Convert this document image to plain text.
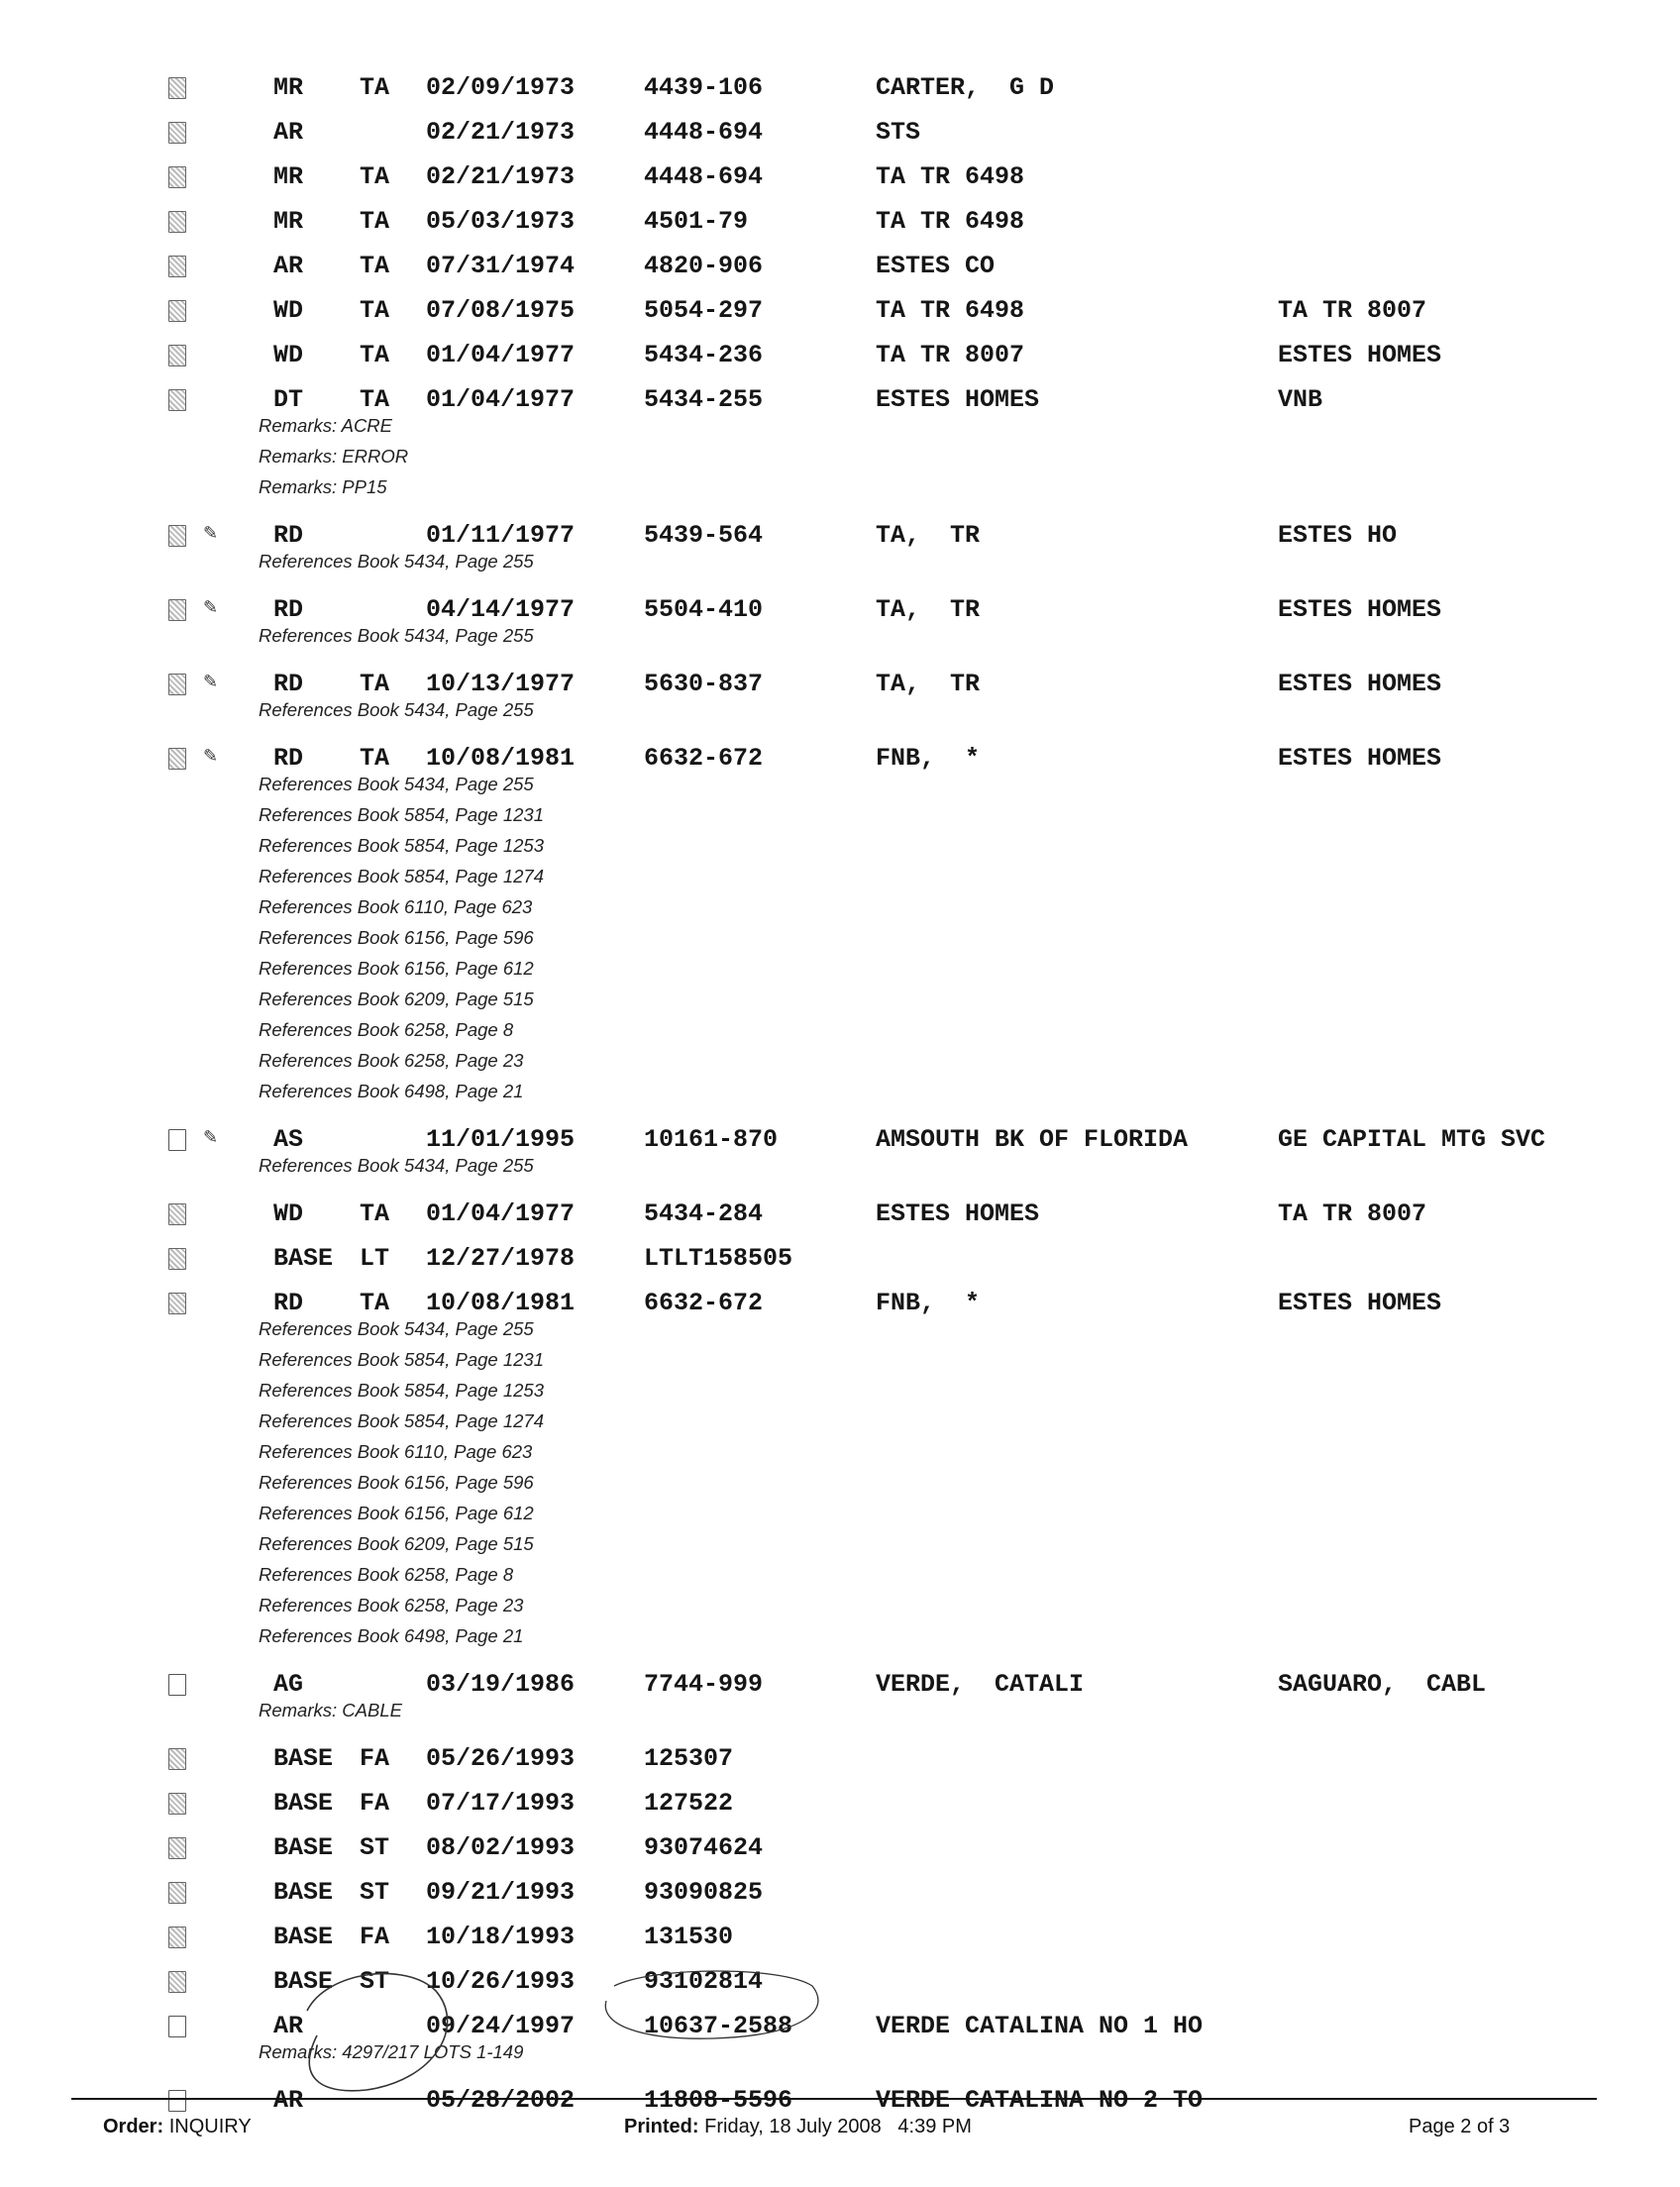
MR TA 02/09/1973	4439-106	CARTER,  G D
AR	02/21/1973	4448-694	STS
MR TA 02/21/1973	4448-694	TA TR 6498
MR TA 05/03/1973	4501-79	TA TR 6498
AR TA 07/31/1974	4820-906	ESTES CO
WD TA 07/08/1975	5054-297	TA TR 6498	TA TR 8007
WD TA 01/04/1977	5434-236	TA TR 8007	ESTES HOMES
DT TA 01/04/1977	5434-255	ESTES HOMES	VNB
Remarks: ACRE
Remarks: ERROR
Remarks: PP15
✎ RD	01/11/1977	5439-564	TA,  TR	ESTES HO
References Book 5434, Page 255
✎ RD	04/14/1977	5504-410	TA,  TR	ESTES HOMES
References Book 5434, Page 255
✎ RD TA 10/13/1977	5630-837	TA,  TR	ESTES HOMES
References Book 5434, Page 255
✎ RD TA 10/08/1981	6632-672	FNB,  *	ESTES HOMES
References Book 5434, Page 255
References Book 5854, Page 1231
References Book 5854, Page 1253
References Book 5854, Page 1274
References Book 6110, Page 623
References Book 6156, Page 596
References Book 6156, Page 612
References Book 6209, Page 515
References Book 6258, Page 8
References Book 6258, Page 23
References Book 6498, Page 21
✎ AS	11/01/1995	10161-870	AMSOUTH BK OF FLORIDA	GE CAPITAL MTG SVC
References Book 5434, Page 255
WD TA 01/04/1977	5434-284	ESTES HOMES	TA TR 8007
BASE LT 12/27/1978	LTLT158505
RD TA 10/08/1981	6632-672	FNB,  *	ESTES HOMES
References Book 5434, Page 255
References Book 5854, Page 1231
References Book 5854, Page 1253
References Book 5854, Page 1274
References Book 6110, Page 623
References Book 6156, Page 596
References Book 6156, Page 612
References Book 6209, Page 515
References Book 6258, Page 8
References Book 6258, Page 23
References Book 6498, Page 21
AG	03/19/1986	7744-999	VERDE,  CATALI	SAGUARO,  CABL
Remarks: CABLE
BASE FA 05/26/1993	125307
BASE FA 07/17/1993	127522
BASE ST 08/02/1993	93074624
BASE ST 09/21/1993	93090825
BASE FA 10/18/1993	131530
BASE ST 10/26/1993	93102814
AR	09/24/1997	10637-2588	VERDE CATALINA NO 1 HO
Remarks: 4297/217 LOTS 1-149
AR	05/28/2002	11808-5596	VERDE CATALINA NO 2 TO
Order: INQUIRY	Printed: Friday, 18 July 2008   4:39 PM	Page 2 of 3
